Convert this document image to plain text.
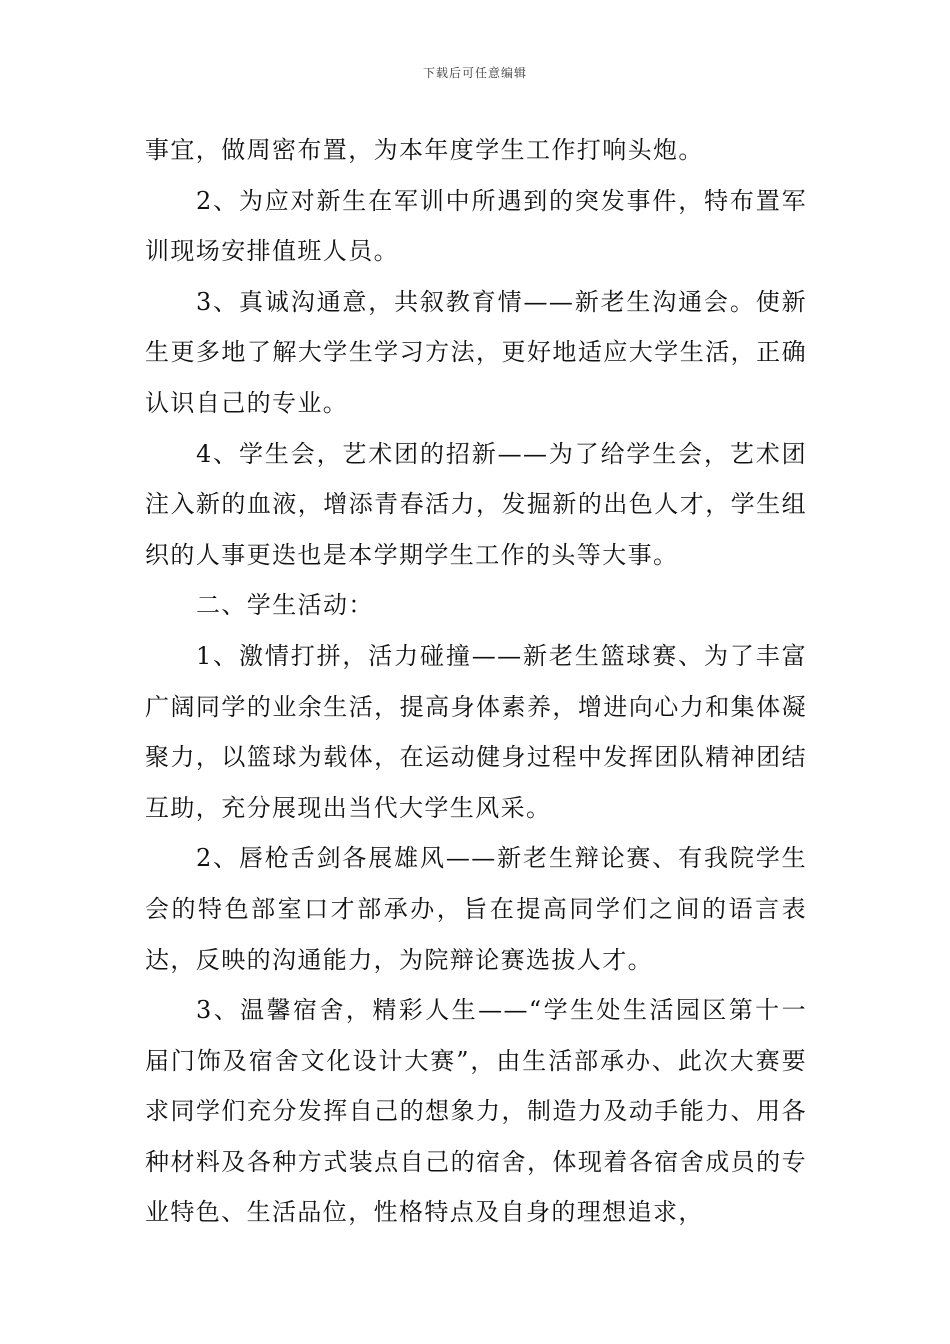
下载后可任意编辑

事宜，做周密布置，为本年度学生工作打响头炮。

2、为应对新生在军训中所遇到的突发事件，特布置军训现场安排值班人员。

3、真诚沟通意，共叙教育情——新老生沟通会。使新生更多地了解大学生学习方法，更好地适应大学生活，正确认识自己的专业。

4、学生会，艺术团的招新——为了给学生会，艺术团注入新的血液，增添青春活力，发掘新的出色人才，学生组织的人事更迭也是本学期学生工作的头等大事。

二、学生活动：

1、激情打拼，活力碰撞——新老生篮球赛、为了丰富广阔同学的业余生活，提高身体素养，增进向心力和集体凝聚力，以篮球为载体，在运动健身过程中发挥团队精神团结互助，充分展现出当代大学生风采。

2、唇枪舌剑各展雄风——新老生辩论赛、有我院学生会的特色部室口才部承办，旨在提高同学们之间的语言表达，反映的沟通能力，为院辩论赛选拔人才。

3、温馨宿舍，精彩人生——“学生处生活园区第十一届门饰及宿舍文化设计大赛”，由生活部承办、此次大赛要求同学们充分发挥自己的想象力，制造力及动手能力、用各种材料及各种方式装点自己的宿舍，体现着各宿舍成员的专业特色、生活品位，性格特点及自身的理想追求，
